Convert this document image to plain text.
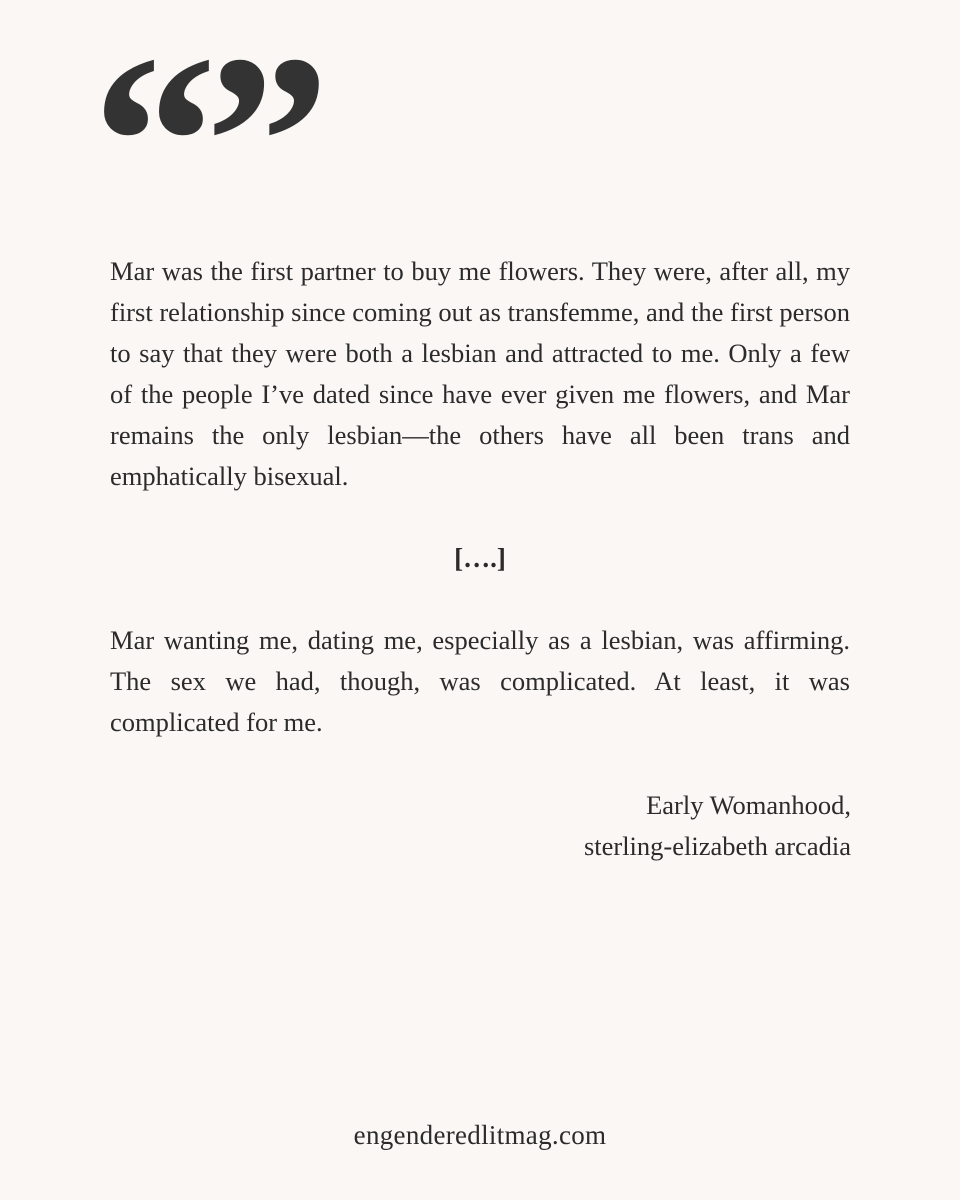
“”

Mar was the first partner to buy me flowers. They were, after all, my first relationship since coming out as transfemme, and the first person to say that they were both a lesbian and attracted to me. Only a few of the people I’ve dated since have ever given me flowers, and Mar remains the only lesbian—the others have all been trans and emphatically bisexual.

[….]

Mar wanting me, dating me, especially as a lesbian, was affirming. The sex we had, though, was complicated. At least, it was complicated for me.

Early Womanhood,
sterling-elizabeth arcadia
engenderedlitmag.com
